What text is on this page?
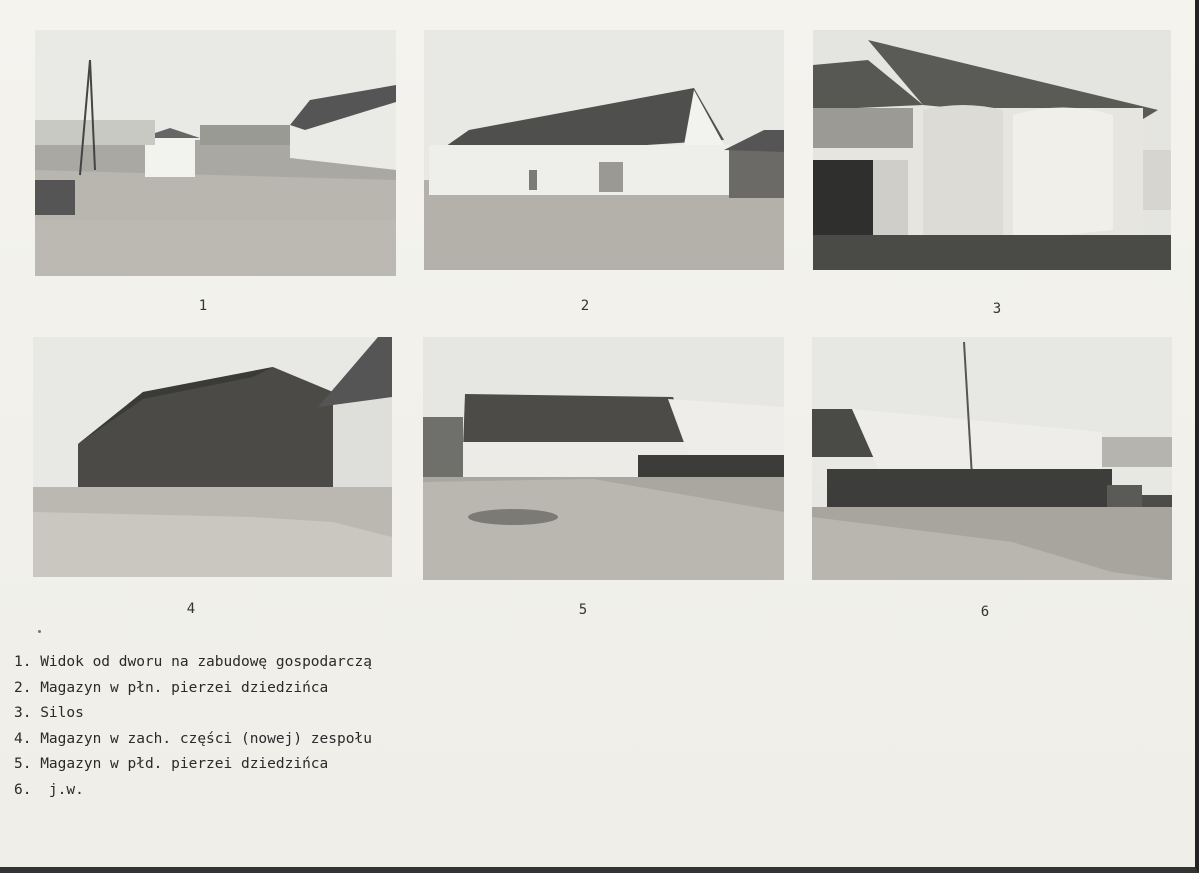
1	2	3
4	5	6
1. Widok od dworu na zabudowę gospodarczą
2. Magazyn w płn. pierzei dziedzińca
3. Silos
4. Magazyn w zach. części (nowej) zespołu
5. Magazyn w płd. pierzei dziedzińca
6.  j.w.
